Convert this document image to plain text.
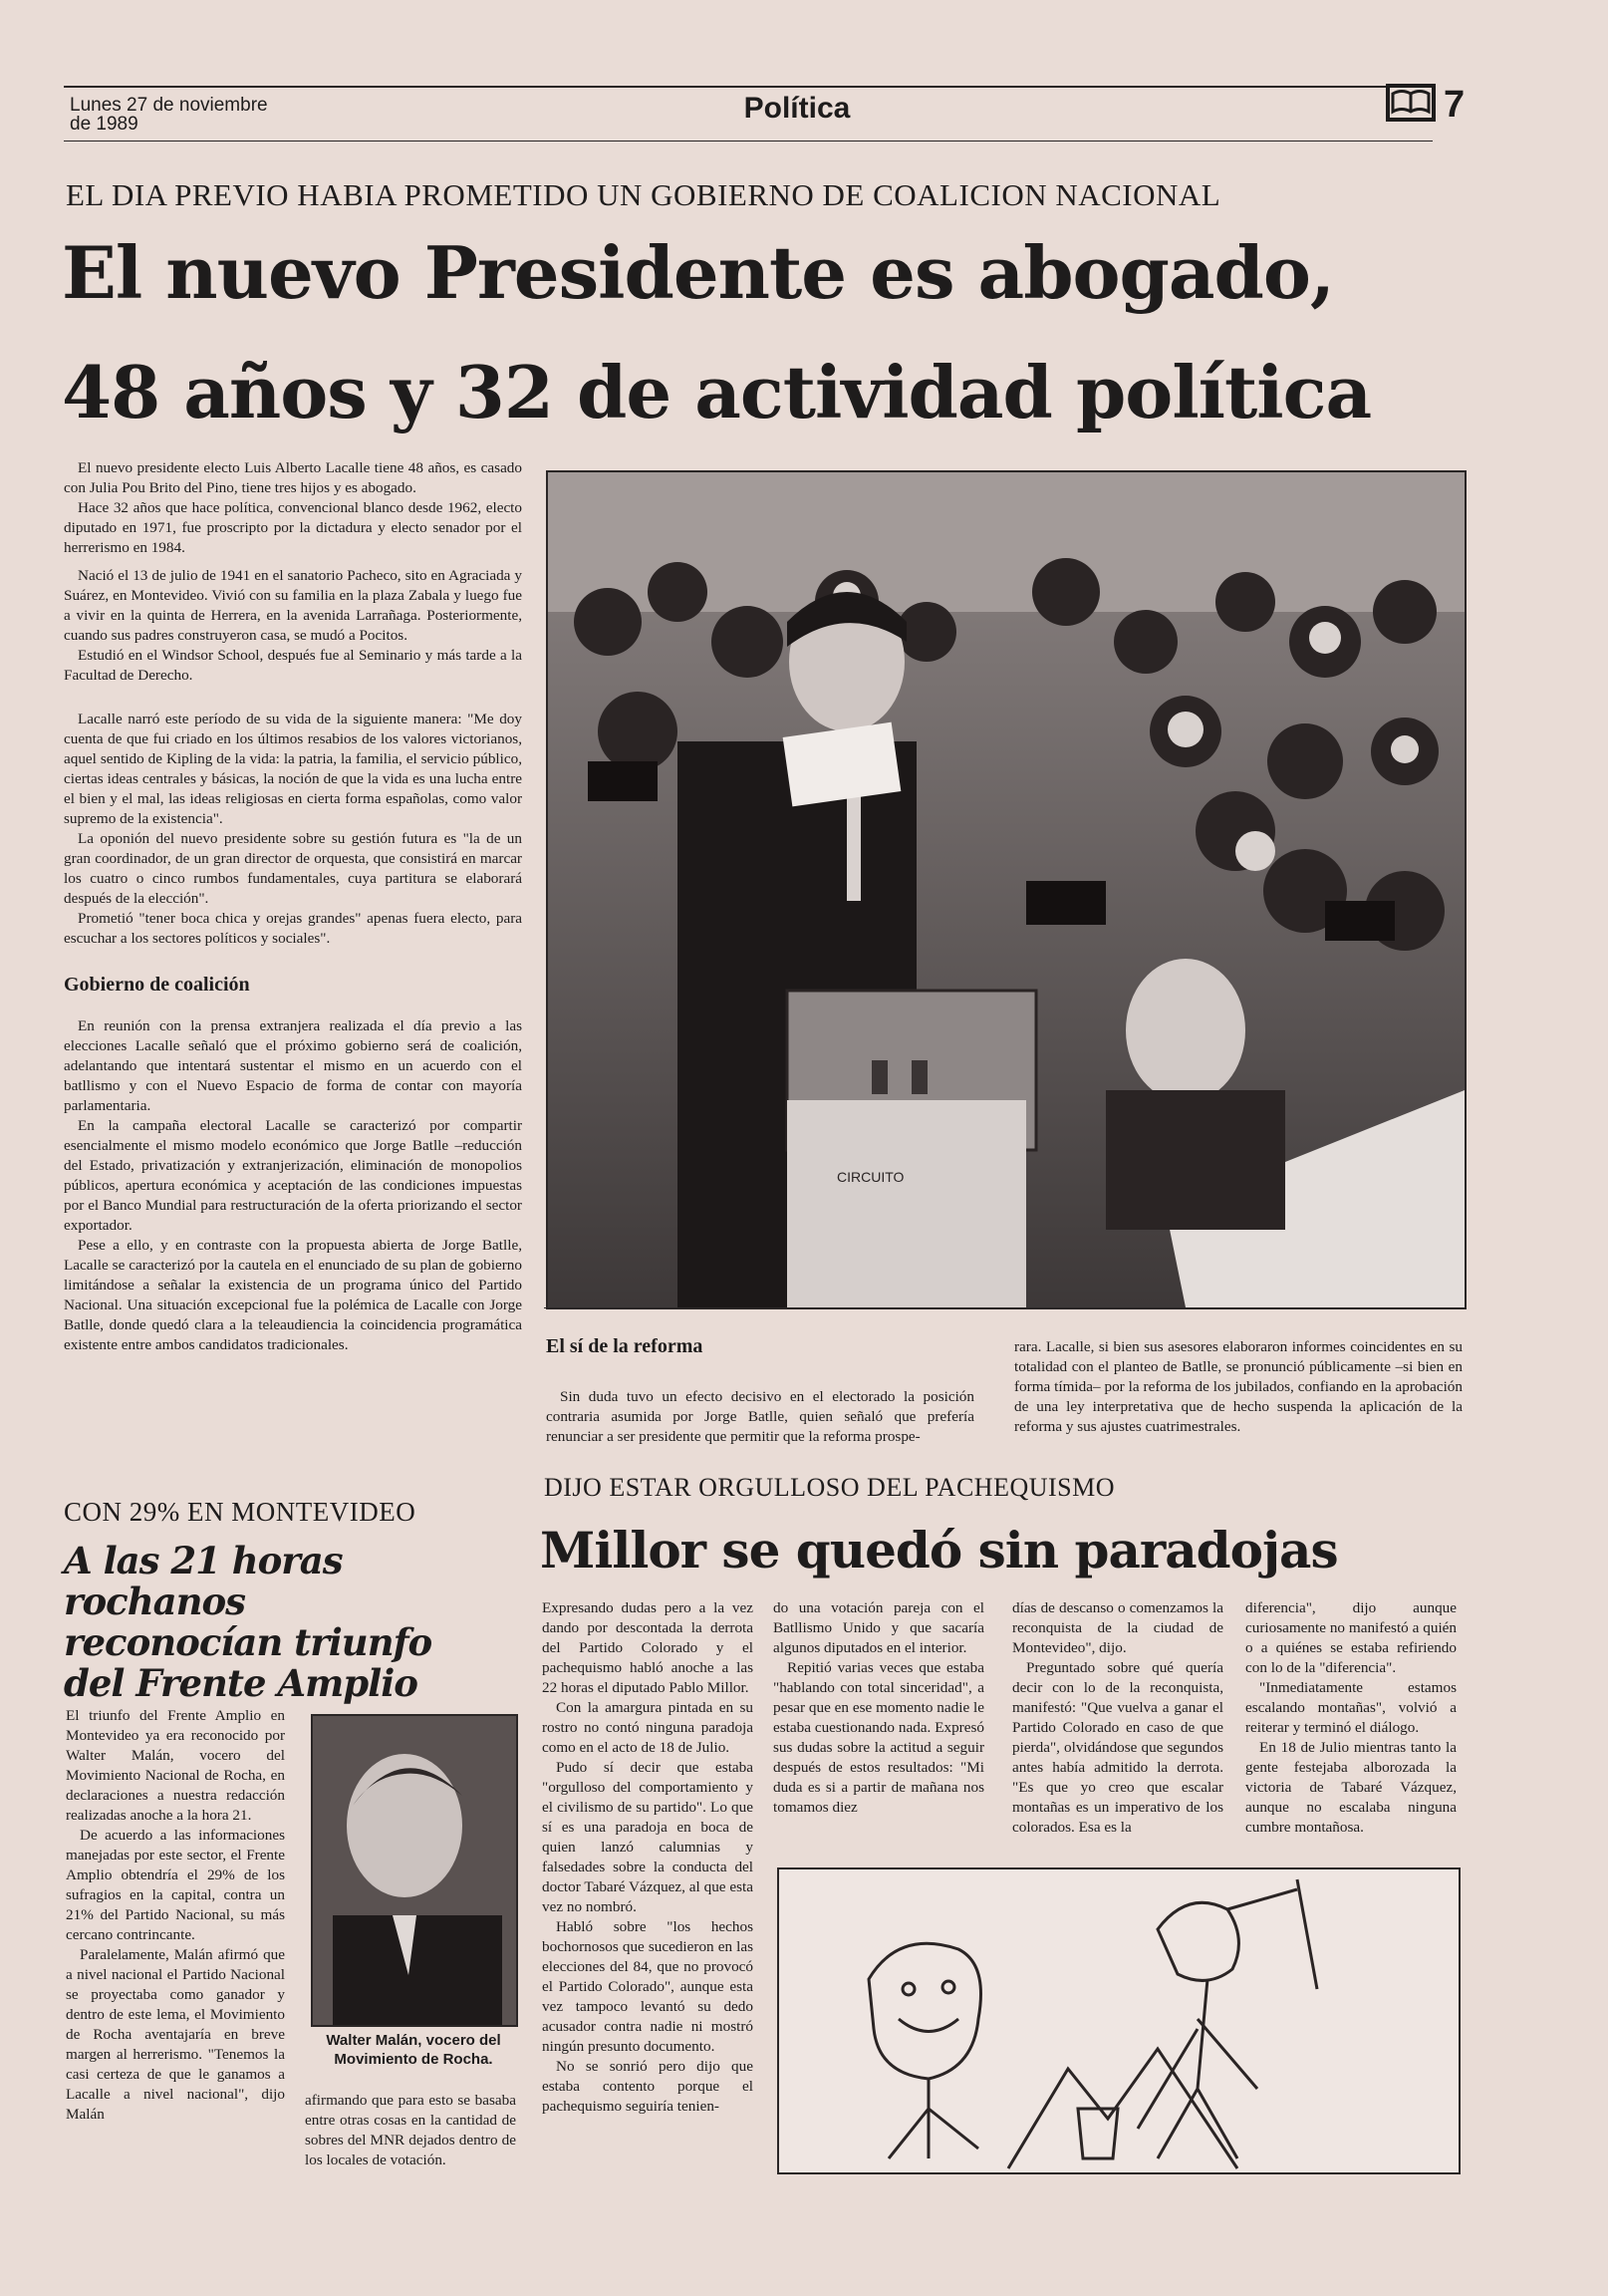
Lunes 27 de noviembre
de 1989	Política	7
EL DIA PREVIO HABIA PROMETIDO UN GOBIERNO DE COALICION NACIONAL
El nuevo Presidente es abogado,
48 años y 32 de actividad política

El nuevo presidente electo Luis Alberto Lacalle tiene 48 años, es casado con Julia Pou Brito del Pino, tiene tres hijos y es abogado.

Hace 32 años que hace política, convencional blanco desde 1962, electo diputado en 1971, fue proscripto por la dictadura y electo senador por el herrerismo en 1984.

Nació el 13 de julio de 1941 en el sanatorio Pacheco, sito en Agraciada y Suárez, en Montevideo. Vivió con su familia en la plaza Zabala y luego fue a vivir en la quinta de Herrera, en la avenida Larrañaga. Posteriormente, cuando sus padres construyeron casa, se mudó a Pocitos.

Estudió en el Windsor School, después fue al Seminario y más tarde a la Facultad de Derecho.

Lacalle narró este período de su vida de la siguiente manera: "Me doy cuenta de que fui criado en los últimos resabios de los valores victorianos, aquel sentido de Kipling de la vida: la patria, la familia, el servicio público, ciertas ideas centrales y básicas, la noción de que la vida es una lucha entre el bien y el mal, las ideas religiosas en cierta forma españolas, como valor supremo de la existencia".

La oponión del nuevo presidente sobre su gestión futura es "la de un gran coordinador, de un gran director de orquesta, que consistirá en marcar los cuatro o cinco rumbos fundamentales, cuya partitura se elaborará después de la elección".

Prometió "tener boca chica y orejas grandes" apenas fuera electo, para escuchar a los sectores políticos y sociales".

Gobierno de coalición

En reunión con la prensa extranjera realizada el día previo a las elecciones Lacalle señaló que el próximo gobierno será de coalición, adelantando que intentará sustentar el mismo en un acuerdo con el batllismo y con el Nuevo Espacio de forma de contar con mayoría parlamentaria.

En la campaña electoral Lacalle se caracterizó por compartir esencialmente el mismo modelo económico que Jorge Batlle –reducción del Estado, privatización y extranjerización, eliminación de monopolios públicos, apertura económica y aceptación de las condiciones impuestas por el Banco Mundial para restructuración de la oferta priorizando el sector exportador.

Pese a ello, y en contraste con la propuesta abierta de Jorge Batlle, Lacalle se caracterizó por la cautela en el enunciado de su plan de gobierno limitándose a señalar la existencia de un programa único del Partido Nacional. Una situación excepcional fue la polémica de Lacalle con Jorge Batlle, donde quedó clara a la teleaudiencia la coincidencia programática existente entre ambos candidatos tradicionales.

CIRCUITO
El sí de la reforma

Sin duda tuvo un efecto decisivo en el electorado la posición contraria asumida por Jorge Batlle, quien señaló que prefería renunciar a ser presidente que permitir que la reforma prospe-

rara. Lacalle, si bien sus asesores elaboraron informes coincidentes en su totalidad con el planteo de Batlle, se pronunció públicamente –si bien en forma tímida– por la reforma de los jubilados, confiando en la aprobación de una ley interpretativa que de hecho suspenda la aplicación de la reforma y sus ajustes cuatrimestrales.

CON 29% EN MONTEVIDEO
A las 21 horas rochanos
reconocían triunfo
del Frente Amplio

El triunfo del Frente Amplio en Montevideo ya era reconocido por Walter Malán, vocero del Movimiento Nacional de Rocha, en declaraciones a nuestra redacción realizadas anoche a la hora 21.

De acuerdo a las informaciones manejadas por este sector, el Frente Amplio obtendría el 29% de los sufragios en la capital, contra un 21% del Partido Nacional, su más cercano contrincante.

Paralelamente, Malán afirmó que a nivel nacional el Partido Nacional se proyectaba como ganador y dentro de este lema, el Movimiento de Rocha aventajaría en breve margen al herrerismo. "Tenemos la casi certeza de que le ganamos a Lacalle a nivel nacional", dijo Malán

Walter Malán, vocero del Movimiento de Rocha.

afirmando que para esto se basaba entre otras cosas en la cantidad de sobres del MNR dejados dentro de los locales de votación.

DIJO ESTAR ORGULLOSO DEL PACHEQUISMO
Millor se quedó sin paradojas

Expresando dudas pero a la vez dando por descontada la derrota del Partido Colorado y el pachequismo habló anoche a las 22 horas el diputado Pablo Millor.

Con la amargura pintada en su rostro no contó ninguna paradoja como en el acto de 18 de Julio.

Pudo sí decir que estaba "orgulloso del comportamiento y el civilismo de su partido". Lo que sí es una paradoja en boca de quien lanzó calumnias y falsedades sobre la conducta del doctor Tabaré Vázquez, al que esta vez no nombró.

Habló sobre "los hechos bochornosos que sucedieron en las elecciones del 84, que no provocó el Partido Colorado", aunque esta vez tampoco levantó su dedo acusador contra nadie ni mostró ningún presunto documento.

No se sonrió pero dijo que estaba contento porque el pachequismo seguiría tenien-

do una votación pareja con el Batllismo Unido y que sacaría algunos diputados en el interior.

Repitió varias veces que estaba "hablando con total sinceridad", a pesar que en ese momento nadie le estaba cuestionando nada. Expresó sus dudas sobre la actitud a seguir después de estos resultados: "Mi duda es si a partir de mañana nos tomamos diez

días de descanso o comenzamos la reconquista de la ciudad de Montevideo", dijo.

Preguntado sobre qué quería decir con lo de la reconquista, manifestó: "Que vuelva a ganar el Partido Colorado en caso de que pierda", olvidándose que segundos antes había admitido la derrota. "Es que yo creo que escalar montañas es un imperativo de los colorados. Esa es la

diferencia", dijo aunque curiosamente no manifestó a quién o a quiénes se estaba refiriendo con lo de la "diferencia".

"Inmediatamente estamos escalando montañas", volvió a reiterar y terminó el diálogo.

En 18 de Julio mientras tanto la gente festejaba alborozada la victoria de Tabaré Vázquez, aunque no escalaba ninguna cumbre montañosa.
